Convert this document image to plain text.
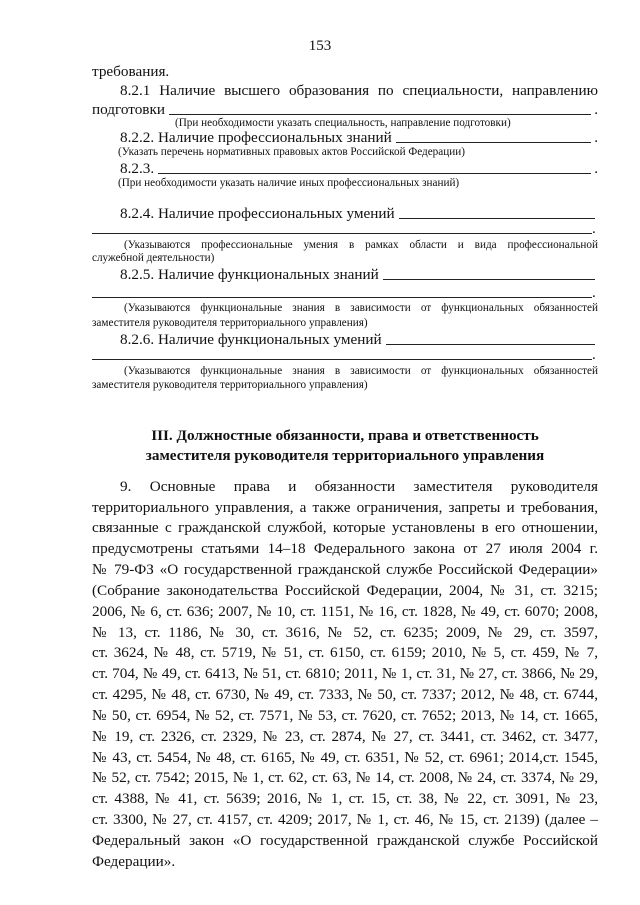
153
требования.
8.2.1 Наличие высшего образования по специальности, направлению
подготовки	.
(При необходимости указать специальность, направление подготовки)
8.2.2. Наличие профессиональных знаний	.
(Указать перечень нормативных правовых актов Российской Федерации)
8.2.3.	.
(При необходимости указать наличие иных профессиональных знаний)
8.2.4. Наличие профессиональных умений
.
(Указываются профессиональные умения в рамках области и вида профессиональной
служебной деятельности)
8.2.5. Наличие функциональных знаний
.
(Указываются функциональные знания в зависимости от функциональных обязанностей
заместителя руководителя территориального управления)
8.2.6. Наличие функциональных умений
.
(Указываются функциональные знания в зависимости от функциональных обязанностей
заместителя руководителя территориального управления)
III. Должностные обязанности, права и ответственность
заместителя руководителя территориального управления
9. Основные права и обязанности заместителя руководителя
территориального управления, а также ограничения, запреты и требования,
связанные с гражданской службой, которые установлены в его отношении,
предусмотрены статьями 14–18 Федерального закона от 27 июля 2004 г.
№ 79-ФЗ «О государственной гражданской службе Российской Федерации»
(Собрание законодательства Российской Федерации, 2004, № 31, ст. 3215;
2006, № 6, ст. 636; 2007, № 10, ст. 1151, № 16, ст. 1828, № 49, ст. 6070; 2008,
№ 13, ст. 1186, № 30, ст. 3616, № 52, ст. 6235; 2009, № 29, ст. 3597,
ст. 3624, № 48, ст. 5719, № 51, ст. 6150, ст. 6159; 2010, № 5, ст. 459, № 7,
ст. 704, № 49, ст. 6413, № 51, ст. 6810; 2011, № 1, ст. 31, № 27, ст. 3866, № 29,
ст. 4295, № 48, ст. 6730, № 49, ст. 7333, № 50, ст. 7337; 2012, № 48, ст. 6744,
№ 50, ст. 6954, № 52, ст. 7571, № 53, ст. 7620, ст. 7652; 2013, № 14, ст. 1665,
№ 19, ст. 2326, ст. 2329, № 23, ст. 2874, № 27, ст. 3441, ст. 3462, ст. 3477,
№ 43, ст. 5454, № 48, ст. 6165, № 49, ст. 6351, № 52, ст. 6961; 2014,ст. 1545,
№ 52, ст. 7542; 2015, № 1, ст. 62, ст. 63, № 14, ст. 2008, № 24, ст. 3374, № 29,
ст. 4388, № 41, ст. 5639; 2016, № 1, ст. 15, ст. 38, № 22, ст. 3091, № 23,
ст. 3300, № 27, ст. 4157, ст. 4209; 2017, № 1, ст. 46, № 15, ст. 2139) (далее –
Федеральный закон «О государственной гражданской службе Российской
Федерации».
